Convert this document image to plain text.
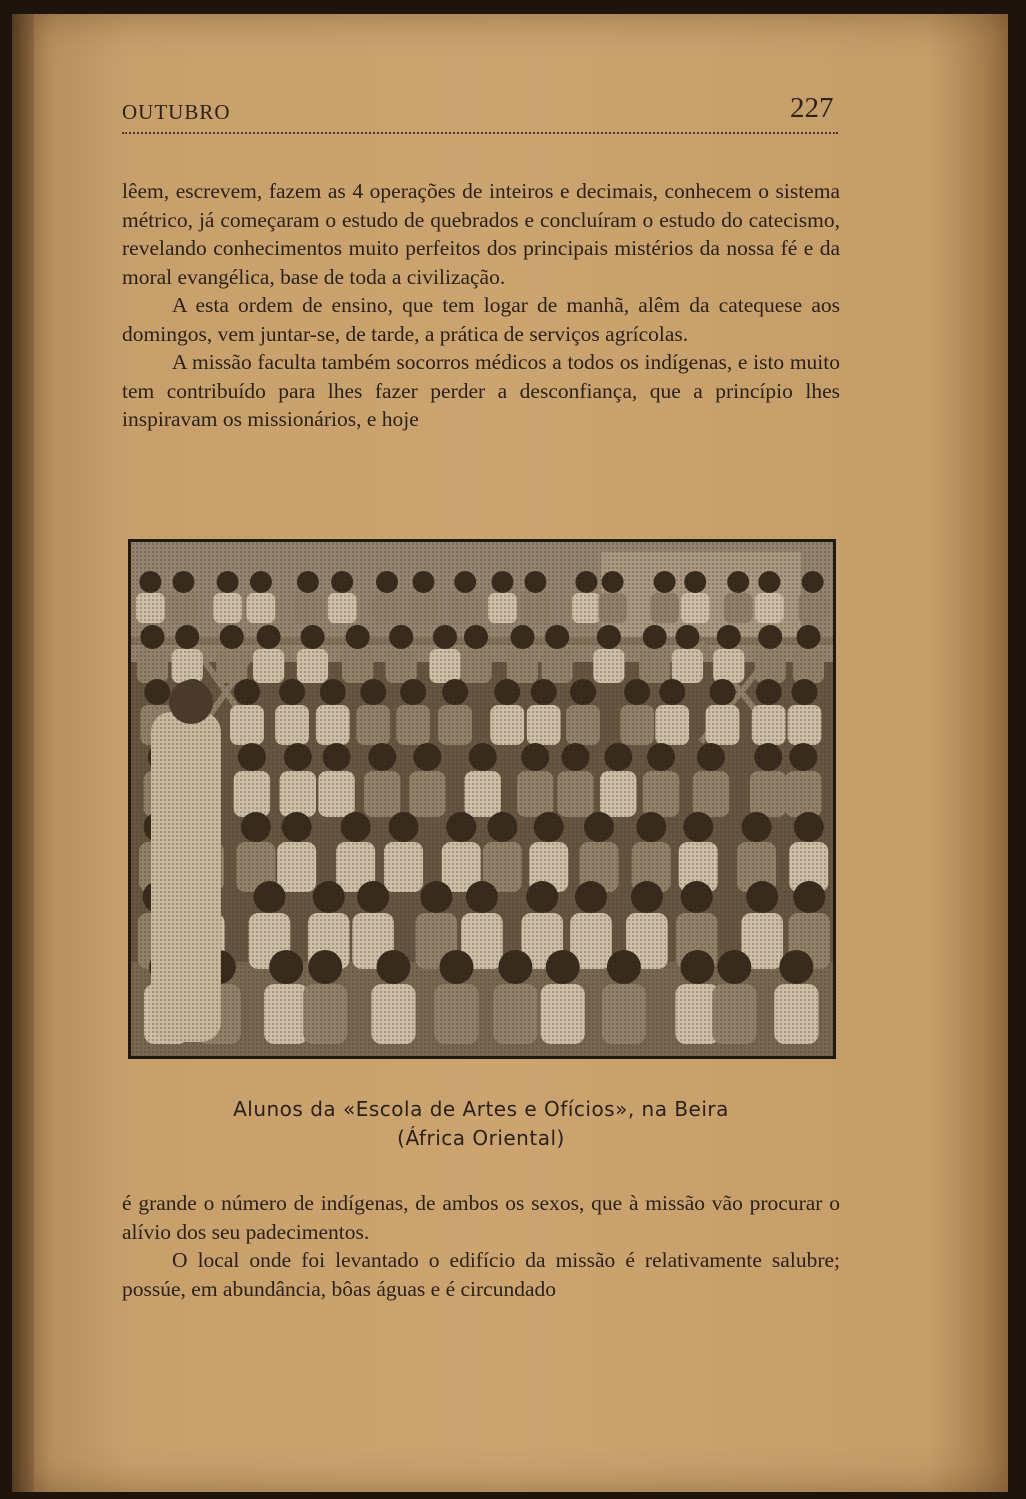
OUTUBRO	227

lêem, escrevem, fazem as 4 operações de inteiros e decimais, conhecem o sistema métrico, já começaram o estudo de quebrados e concluíram o estudo do catecismo, revelando conhecimentos muito perfeitos dos principais mistérios da nossa fé e da moral evangélica, base de toda a civilização.

A esta ordem de ensino, que tem logar de manhã, alêm da catequese aos domingos, vem juntar-se, de tarde, a prática de serviços agrícolas.

A missão faculta também socorros médicos a todos os indígenas, e isto muito tem contribuído para lhes fazer perder a desconfiança, que a princípio lhes inspiravam os missionários, e hoje

Alunos da «Escola de Artes e Ofícios», na Beira
(África Oriental)

é grande o número de indígenas, de ambos os sexos, que à missão vão procurar o alívio dos seu padecimentos.

O local onde foi levantado o edifício da missão é relativamente salubre; possúe, em abundância, bôas águas e é circundado
